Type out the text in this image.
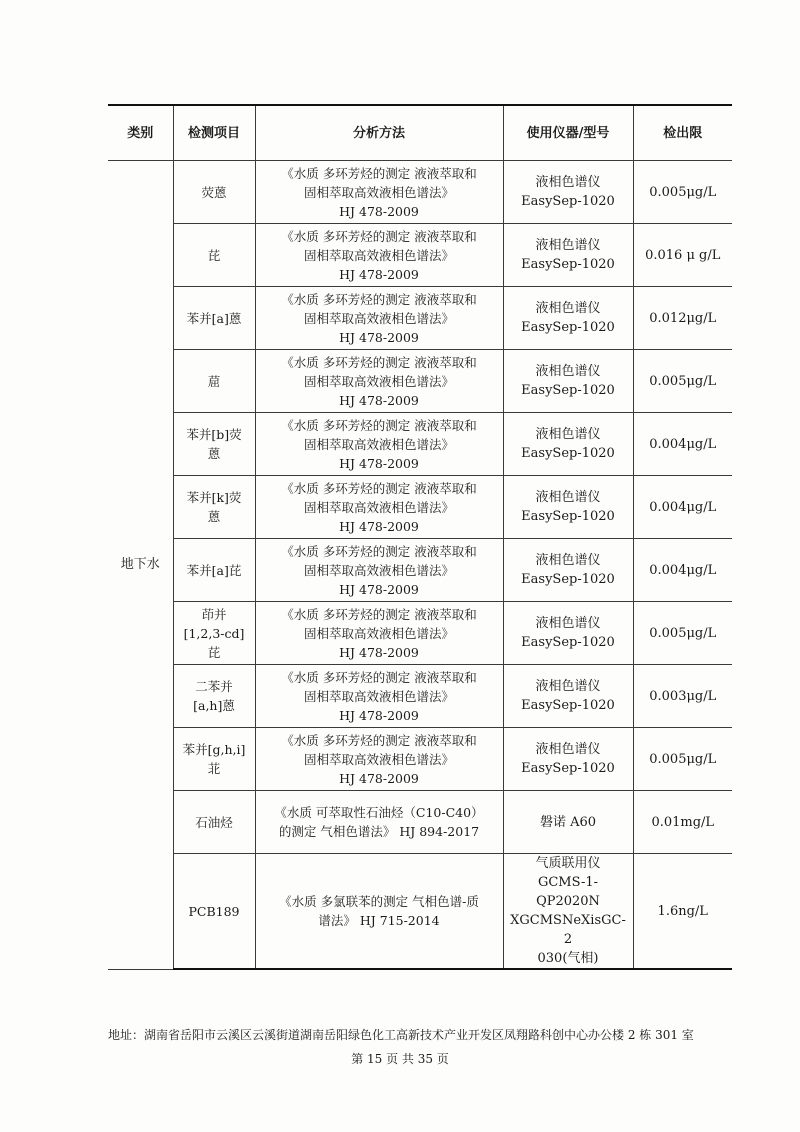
类别	检测项目	分析方法	使用仪器/型号	检出限
地下水	荧蒽	《水质 多环芳烃的测定 液液萃取和
固相萃取高效液相色谱法》
HJ 478-2009	液相色谱仪
EasySep-1020	0.005μg/L
	芘	《水质 多环芳烃的测定 液液萃取和
固相萃取高效液相色谱法》
HJ 478-2009	液相色谱仪
EasySep-1020	0.016 μ g/L
	苯并[a]蒽	《水质 多环芳烃的测定 液液萃取和
固相萃取高效液相色谱法》
HJ 478-2009	液相色谱仪
EasySep-1020	0.012μg/L
	䓛	《水质 多环芳烃的测定 液液萃取和
固相萃取高效液相色谱法》
HJ 478-2009	液相色谱仪
EasySep-1020	0.005μg/L
	苯并[b]荧
蒽	《水质 多环芳烃的测定 液液萃取和
固相萃取高效液相色谱法》
HJ 478-2009	液相色谱仪
EasySep-1020	0.004μg/L
	苯并[k]荧
蒽	《水质 多环芳烃的测定 液液萃取和
固相萃取高效液相色谱法》
HJ 478-2009	液相色谱仪
EasySep-1020	0.004μg/L
	苯并[a]芘	《水质 多环芳烃的测定 液液萃取和
固相萃取高效液相色谱法》
HJ 478-2009	液相色谱仪
EasySep-1020	0.004μg/L
	茚并
[1,2,3-cd]
芘	《水质 多环芳烃的测定 液液萃取和
固相萃取高效液相色谱法》
HJ 478-2009	液相色谱仪
EasySep-1020	0.005μg/L
	二苯并
[a,h]蒽	《水质 多环芳烃的测定 液液萃取和
固相萃取高效液相色谱法》
HJ 478-2009	液相色谱仪
EasySep-1020	0.003μg/L
	苯并[g,h,i]
苝	《水质 多环芳烃的测定 液液萃取和
固相萃取高效液相色谱法》
HJ 478-2009	液相色谱仪
EasySep-1020	0.005μg/L
	石油烃	《水质 可萃取性石油烃（C10-C40）
的测定 气相色谱法》 HJ 894-2017	磐诺 A60	0.01mg/L
	PCB189	《水质 多氯联苯的测定 气相色谱-质
谱法》 HJ 715-2014	气质联用仪
GCMS-1-QP2020N
XGCMSNeXisGC-2
030(气相)	1.6ng/L
地址：湖南省岳阳市云溪区云溪街道湖南岳阳绿色化工高新技术产业开发区凤翔路科创中心办公楼 2 栋 301 室
第 15 页 共 35 页
